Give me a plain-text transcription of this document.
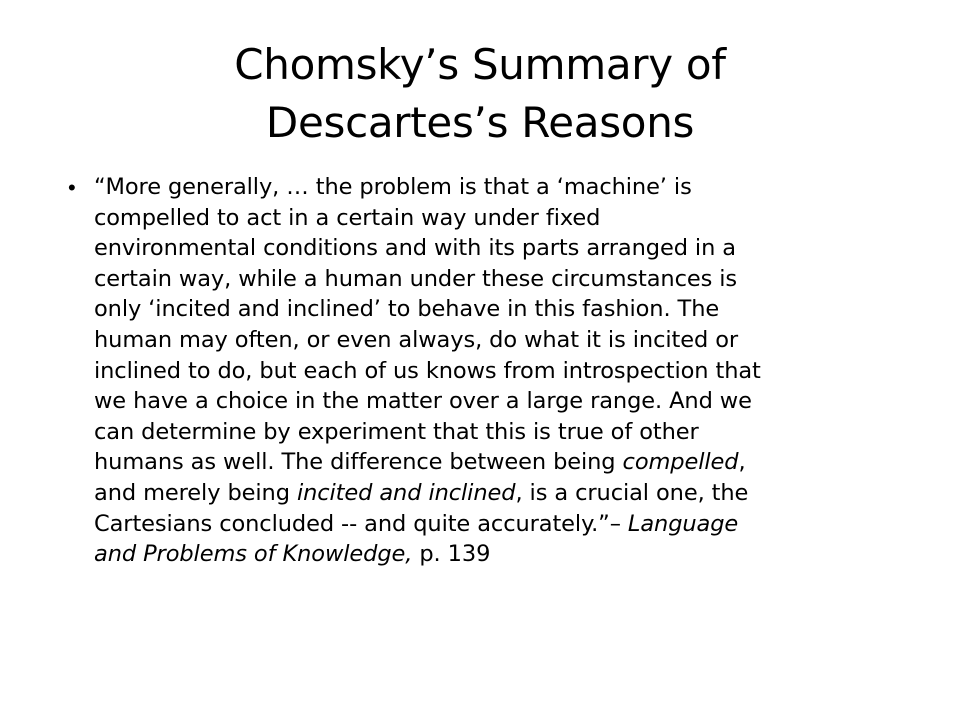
Chomsky’s Summary of
Descartes’s Reasons
• “More generally, … the problem is that a ‘machine’ is
compelled to act in a certain way under fixed
environmental conditions and with its parts arranged in a
certain way, while a human under these circumstances is
only ‘incited and inclined’ to behave in this fashion. The
human may often, or even always, do what it is incited or
inclined to do, but each of us knows from introspection that
we have a choice in the matter over a large range. And we
can determine by experiment that this is true of other
humans as well. The difference between being compelled,
and merely being incited and inclined, is a crucial one, the
Cartesians concluded -- and quite accurately.”– Language
and Problems of Knowledge, p. 139
